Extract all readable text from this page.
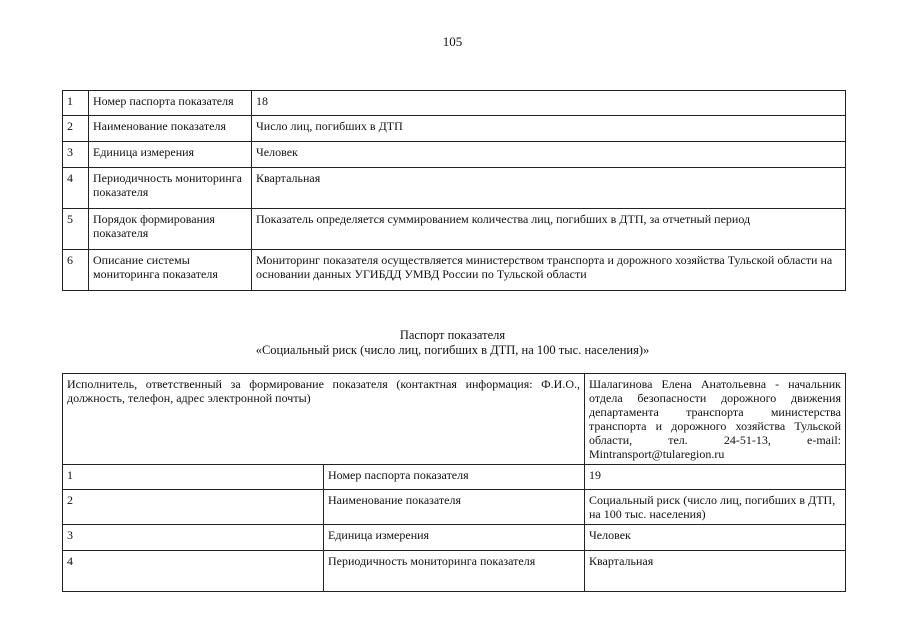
105
1	Номер паспорта показателя	18
2	Наименование показателя	Число лиц, погибших в ДТП
3	Единица измерения	Человек
4	Периодичность мониторинга показателя	Квартальная
5	Порядок формирования показателя	Показатель определяется суммированием количества лиц, погибших в ДТП, за отчетный период
6	Описание системы мониторинга показателя	Мониторинг показателя осуществляется министерством транспорта и дорожного хозяйства Тульской области на основании данных УГИБДД УМВД России по Тульской области
Паспорт показателя
«Социальный риск (число лиц, погибших в ДТП, на 100 тыс. населения)»
Исполнитель, ответственный за формирование показателя (контактная информация: Ф.И.О., должность, телефон, адрес электронной почты)		Шалагинова Елена Анатольевна - начальник отдела безопасности дорожного движения департамента транспорта министерства транспорта и дорожного хозяйства Тульской области, тел. 24-51-13, e-mail: Mintransport@tularegion.ru
1	Номер паспорта показателя	19
2	Наименование показателя	Социальный риск (число лиц, погибших в ДТП, на 100 тыс. населения)
3	Единица измерения	Человек
4	Периодичность мониторинга показателя	Квартальная
